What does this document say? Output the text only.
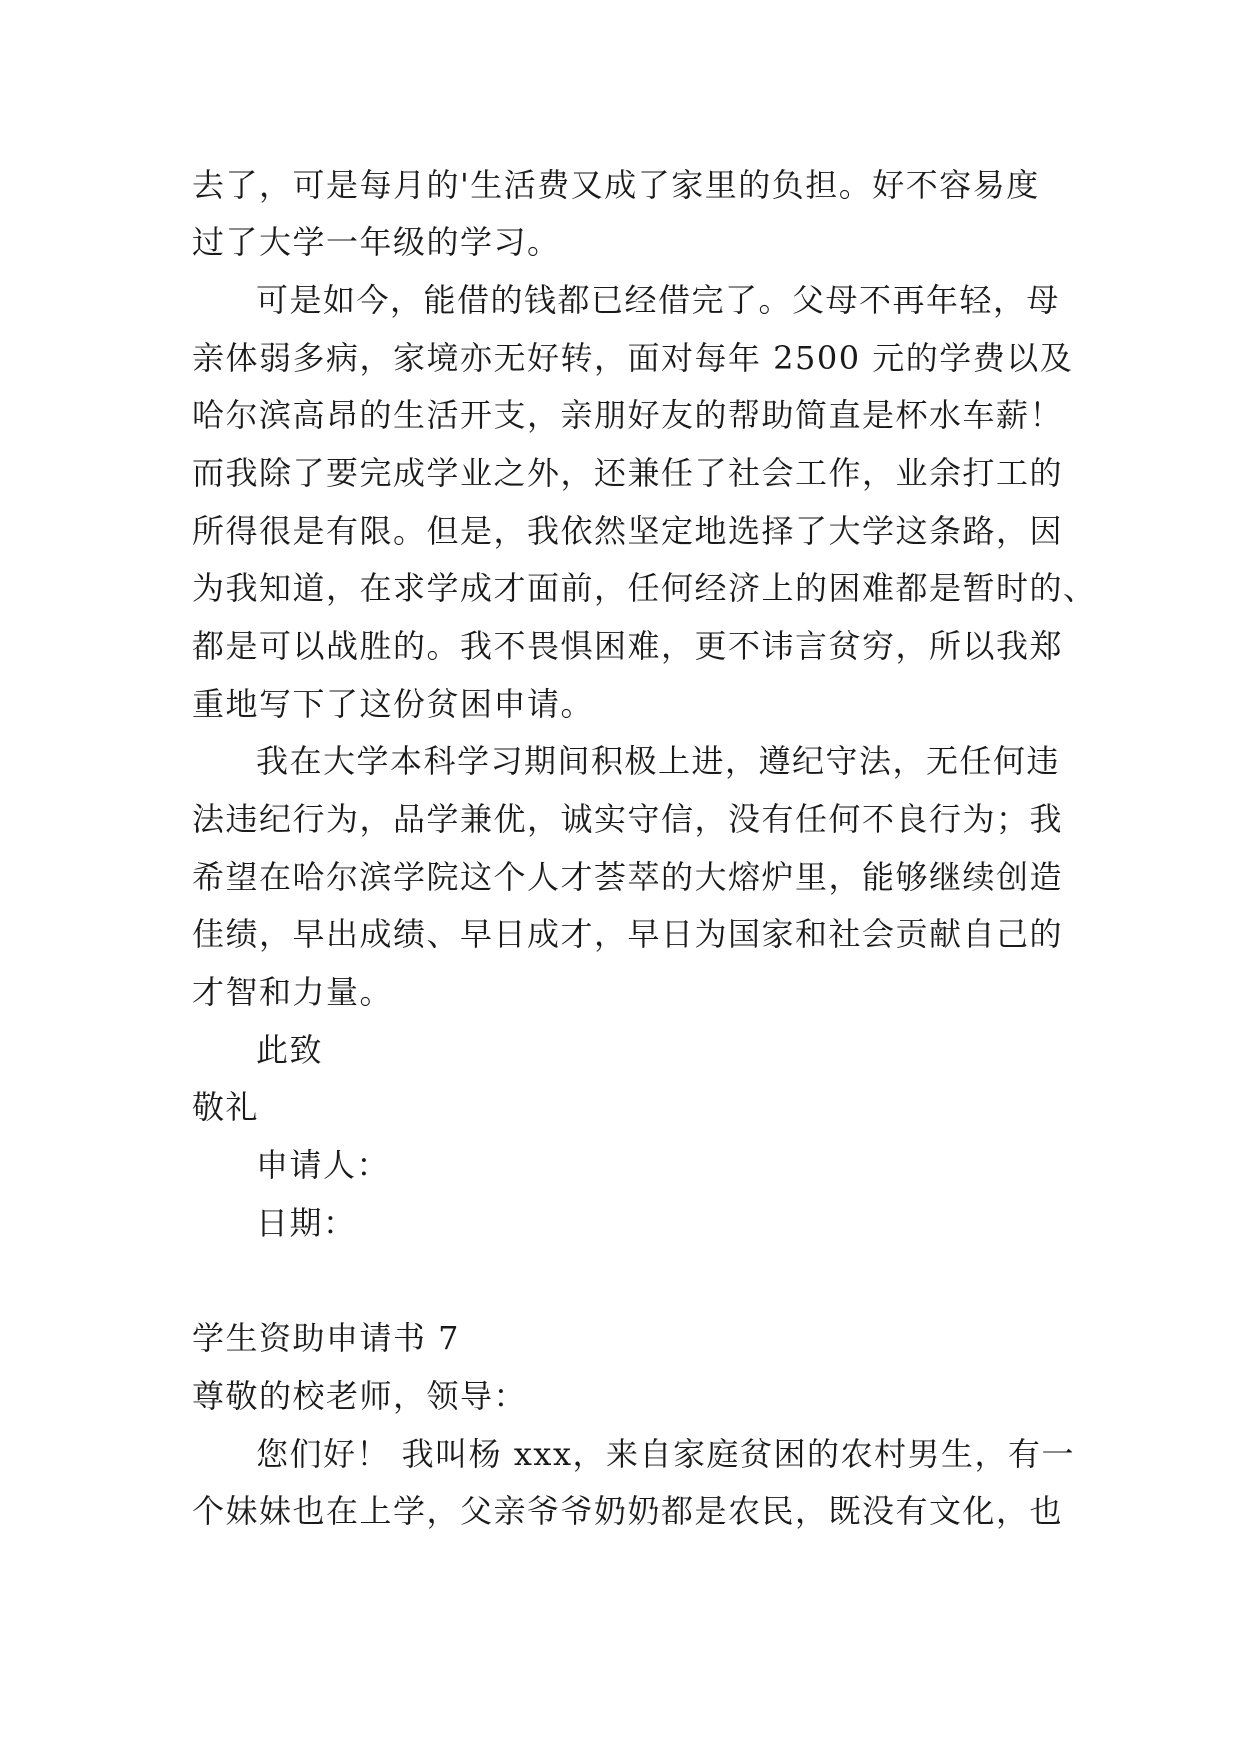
去了，可是每月的'生活费又成了家里的负担。好不容易度
过了大学一年级的学习。
可是如今，能借的钱都已经借完了。父母不再年轻，母
亲体弱多病，家境亦无好转，面对每年 2500 元的学费以及
哈尔滨高昂的生活开支，亲朋好友的帮助简直是杯水车薪！
而我除了要完成学业之外，还兼任了社会工作，业余打工的
所得很是有限。但是，我依然坚定地选择了大学这条路，因
为我知道，在求学成才面前，任何经济上的困难都是暂时的、
都是可以战胜的。我不畏惧困难，更不讳言贫穷，所以我郑
重地写下了这份贫困申请。
我在大学本科学习期间积极上进，遵纪守法，无任何违
法违纪行为，品学兼优，诚实守信，没有任何不良行为；我
希望在哈尔滨学院这个人才荟萃的大熔炉里，能够继续创造
佳绩，早出成绩、早日成才，早日为国家和社会贡献自己的
才智和力量。
此致
敬礼
申请人：
日期：
学生资助申请书 7
尊敬的校老师，领导：
您们好！ 我叫杨 xxx，来自家庭贫困的农村男生，有一
个妹妹也在上学，父亲爷爷奶奶都是农民，既没有文化，也
